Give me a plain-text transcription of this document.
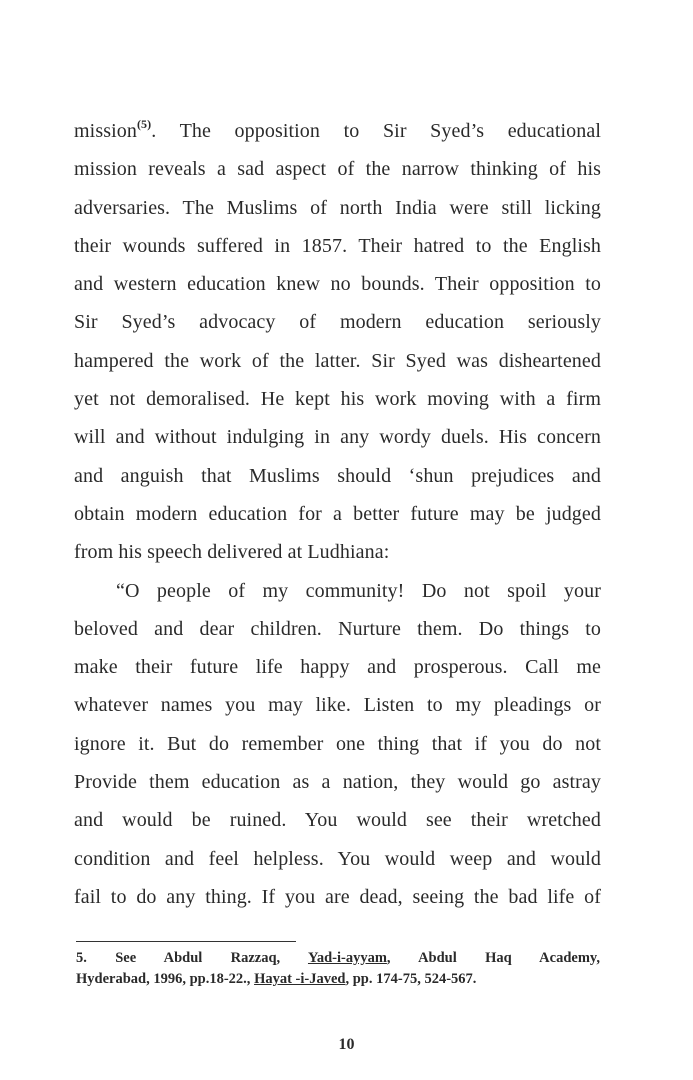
mission$^{(5)}$. The opposition to Sir Syed’s educational
mission reveals a sad aspect of the narrow thinking of his
adversaries. The Muslims of north India were still licking
their wounds suffered in 1857. Their hatred to the English
and western education knew no bounds. Their opposition to
Sir Syed’s advocacy of modern education seriously
hampered the work of the latter. Sir Syed was disheartened
yet not demoralised. He kept his work moving with a firm
will and without indulging in any wordy duels. His concern
and anguish that Muslims should ‘shun prejudices and
obtain modern education for a better future may be judged
from his speech delivered at Ludhiana:
“O people of my community! Do not spoil your
beloved and dear children. Nurture them. Do things to
make their future life happy and prosperous. Call me
whatever names you may like. Listen to my pleadings or
ignore it. But do remember one thing that if you do not
Provide them education as a nation, they would go astray
and would be ruined. You would see their wretched
condition and feel helpless. You would weep and would
fail to do any thing. If you are dead, seeing the bad life of
5. See Abdul Razzaq, Yad-i-ayyam, Abdul Haq Academy,
Hyderabad, 1996, pp.18-22., Hayat -i-Javed, pp. 174-75, 524-567.
10
